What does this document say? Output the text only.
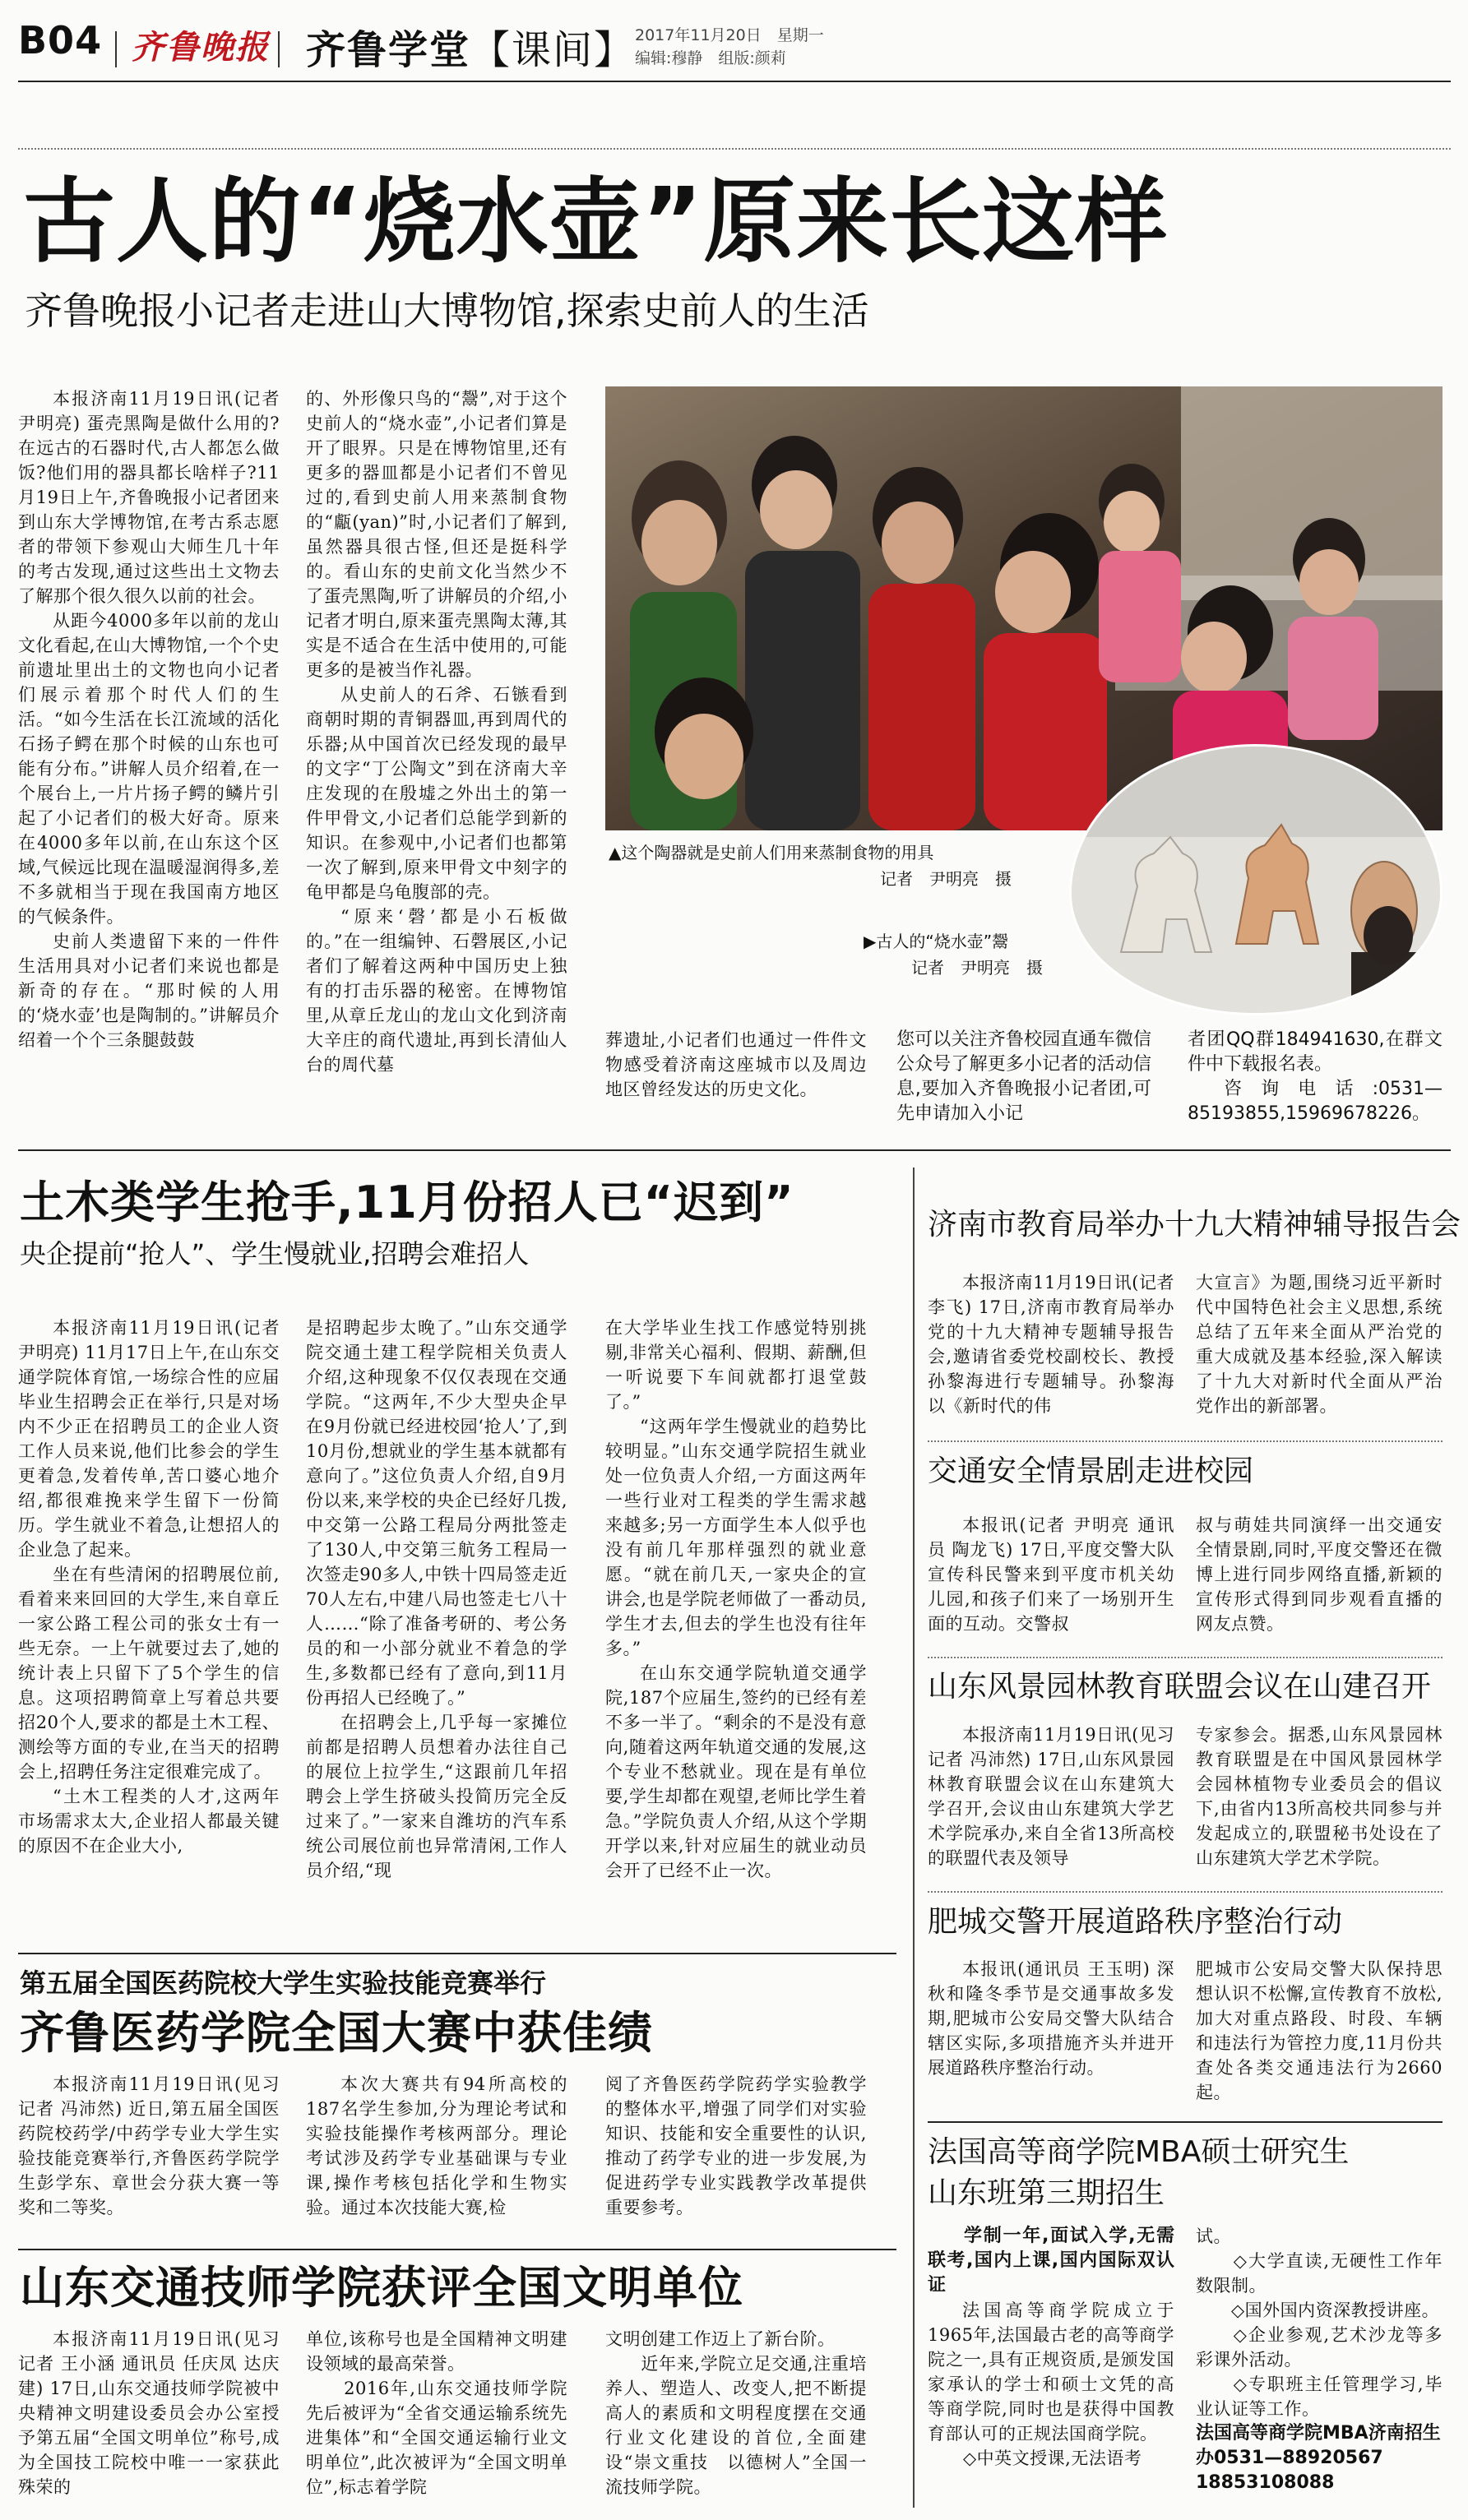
B04 齐鲁晚报 齐鲁学堂【课间】 2017年11月20日　星期一
编辑:穆静　组版:颜莉
古人的“烧水壶”原来长这样
齐鲁晚报小记者走进山大博物馆,探索史前人的生活

本报济南11月19日讯(记者 尹明亮) 蛋壳黑陶是做什么用的?在远古的石器时代,古人都怎么做饭?他们用的器具都长啥样子?11月19日上午,齐鲁晚报小记者团来到山东大学博物馆,在考古系志愿者的带领下参观山大师生几十年的考古发现,通过这些出土文物去了解那个很久很久以前的社会。

从距今4000多年以前的龙山文化看起,在山大博物馆,一个个史前遗址里出土的文物也向小记者们展示着那个时代人们的生活。“如今生活在长江流域的活化石扬子鳄在那个时候的山东也可能有分布。”讲解人员介绍着,在一个展台上,一片片扬子鳄的鳞片引起了小记者们的极大好奇。原来在4000多年以前,在山东这个区域,气候远比现在温暖湿润得多,差不多就相当于现在我国南方地区的气候条件。

史前人类遗留下来的一件件生活用具对小记者们来说也都是新奇的存在。“那时候的人用的‘烧水壶’也是陶制的。”讲解员介绍着一个个三条腿鼓鼓

的、外形像只鸟的“鬶”,对于这个史前人的“烧水壶”,小记者们算是开了眼界。只是在博物馆里,还有更多的器皿都是小记者们不曾见过的,看到史前人用来蒸制食物的“甗(yan)”时,小记者们了解到,虽然器具很古怪,但还是挺科学的。看山东的史前文化当然少不了蛋壳黑陶,听了讲解员的介绍,小记者才明白,原来蛋壳黑陶太薄,其实是不适合在生活中使用的,可能更多的是被当作礼器。

从史前人的石斧、石镞看到商朝时期的青铜器皿,再到周代的乐器;从中国首次已经发现的最早的文字“丁公陶文”到在济南大辛庄发现的在殷墟之外出土的第一件甲骨文,小记者们总能学到新的知识。在参观中,小记者们也都第一次了解到,原来甲骨文中刻字的龟甲都是乌龟腹部的壳。

“原来‘磬’都是小石板做的。”在一组编钟、石磬展区,小记者们了解着这两种中国历史上独有的打击乐器的秘密。在博物馆里,从章丘龙山的龙山文化到济南大辛庄的商代遗址,再到长清仙人台的周代墓

▲这个陶器就是史前人们用来蒸制食物的用具
记者　尹明亮　摄
▶古人的“烧水壶”鬶
记者　尹明亮　摄

葬遗址,小记者们也通过一件件文物感受着济南这座城市以及周边地区曾经发达的历史文化。

您可以关注齐鲁校园直通车微信公众号了解更多小记者的活动信息,要加入齐鲁晚报小记者团,可先申请加入小记
者团QQ群184941630,在群文件中下载报名表。
咨询电话:0531—85193855,15969678226。
土木类学生抢手,11月份招人已“迟到”
央企提前“抢人”、学生慢就业,招聘会难招人

本报济南11月19日讯(记者 尹明亮) 11月17日上午,在山东交通学院体育馆,一场综合性的应届毕业生招聘会正在举行,只是对场内不少正在招聘员工的企业人资工作人员来说,他们比参会的学生更着急,发着传单,苦口婆心地介绍,都很难挽来学生留下一份简历。学生就业不着急,让想招人的企业急了起来。

坐在有些清闲的招聘展位前,看着来来回回的大学生,来自章丘一家公路工程公司的张女士有一些无奈。一上午就要过去了,她的统计表上只留下了5个学生的信息。这项招聘简章上写着总共要招20个人,要求的都是土木工程、测绘等方面的专业,在当天的招聘会上,招聘任务注定很难完成了。

“土木工程类的人才,这两年市场需求太大,企业招人都最关键的原因不在企业大小,

是招聘起步太晚了。”山东交通学院交通土建工程学院相关负责人介绍,这种现象不仅仅表现在交通学院。“这两年,不少大型央企早在9月份就已经进校园‘抢人’了,到10月份,想就业的学生基本就都有意向了。”这位负责人介绍,自9月份以来,来学校的央企已经好几拨,中交第一公路工程局分两批签走了130人,中交第三航务工程局一次签走90多人,中铁十四局签走近70人左右,中建八局也签走七八十人……“除了准备考研的、考公务员的和一小部分就业不着急的学生,多数都已经有了意向,到11月份再招人已经晚了。”

在招聘会上,几乎每一家摊位前都是招聘人员想着办法往自己的展位上拉学生,“这跟前几年招聘会上学生挤破头投简历完全反过来了。”一家来自潍坊的汽车系统公司展位前也异常清闲,工作人员介绍,“现

在大学毕业生找工作感觉特别挑剔,非常关心福利、假期、薪酬,但一听说要下车间就都打退堂鼓了。”

“这两年学生慢就业的趋势比较明显。”山东交通学院招生就业处一位负责人介绍,一方面这两年一些行业对工程类的学生需求越来越多;另一方面学生本人似乎也没有前几年那样强烈的就业意愿。“就在前几天,一家央企的宣讲会,也是学院老师做了一番动员,学生才去,但去的学生也没有往年多。”

在山东交通学院轨道交通学院,187个应届生,签约的已经有差不多一半了。“剩余的不是没有意向,随着这两年轨道交通的发展,这个专业不愁就业。现在是有单位要,学生却都在观望,老师比学生着急。”学院负责人介绍,从这个学期开学以来,针对应届生的就业动员会开了已经不止一次。

第五届全国医药院校大学生实验技能竞赛举行
齐鲁医药学院全国大赛中获佳绩

本报济南11月19日讯(见习记者 冯沛然) 近日,第五届全国医药院校药学/中药学专业大学生实验技能竞赛举行,齐鲁医药学院学生彭学东、章世会分获大赛一等奖和二等奖。

本次大赛共有94所高校的187名学生参加,分为理论考试和实验技能操作考核两部分。理论考试涉及药学专业基础课与专业课,操作考核包括化学和生物实验。通过本次技能大赛,检

阅了齐鲁医药学院药学实验教学的整体水平,增强了同学们对实验知识、技能和安全重要性的认识,推动了药学专业的进一步发展,为促进药学专业实践教学改革提供重要参考。

山东交通技师学院获评全国文明单位

本报济南11月19日讯(见习记者 王小涵 通讯员 任庆凤 达庆建) 17日,山东交通技师学院被中央精神文明建设委员会办公室授予第五届“全国文明单位”称号,成为全国技工院校中唯一一家获此殊荣的

单位,该称号也是全国精神文明建设领域的最高荣誉。
　　2016年,山东交通技师学院先后被评为“全省交通运输系统先进集体”和“全国交通运输行业文明单位”,此次被评为“全国文明单位”,标志着学院

文明创建工作迈上了新台阶。
　　近年来,学院立足交通,注重培养人、塑造人、改变人,把不断提高人的素质和文明程度摆在交通行业文化建设的首位,全面建设“崇文重技　以德树人”全国一流技师学院。

济南市教育局举办十九大精神辅导报告会

本报济南11月19日讯(记者 李飞) 17日,济南市教育局举办党的十九大精神专题辅导报告会,邀请省委党校副校长、教授孙黎海进行专题辅导。孙黎海以《新时代的伟

大宣言》为题,围绕习近平新时代中国特色社会主义思想,系统总结了五年来全面从严治党的重大成就及基本经验,深入解读了十九大对新时代全面从严治党作出的新部署。

交通安全情景剧走进校园

本报讯(记者 尹明亮 通讯员 陶龙飞) 17日,平度交警大队宣传科民警来到平度市机关幼儿园,和孩子们来了一场别开生面的互动。交警叔

叔与萌娃共同演绎一出交通安全情景剧,同时,平度交警还在微博上进行同步网络直播,新颖的宣传形式得到同步观看直播的网友点赞。

山东风景园林教育联盟会议在山建召开

本报济南11月19日讯(见习记者 冯沛然) 17日,山东风景园林教育联盟会议在山东建筑大学召开,会议由山东建筑大学艺术学院承办,来自全省13所高校的联盟代表及领导

专家参会。据悉,山东风景园林教育联盟是在中国风景园林学会园林植物专业委员会的倡议下,由省内13所高校共同参与并发起成立的,联盟秘书处设在了山东建筑大学艺术学院。

肥城交警开展道路秩序整治行动

本报讯(通讯员 王玉明) 深秋和隆冬季节是交通事故多发期,肥城市公安局交警大队结合辖区实际,多项措施齐头并进开展道路秩序整治行动。

肥城市公安局交警大队保持思想认识不松懈,宣传教育不放松,加大对重点路段、时段、车辆和违法行为管控力度,11月份共查处各类交通违法行为2660起。

法国高等商学院MBA硕士研究生
山东班第三期招生
学制一年,面试入学,无需联考,国内上课,国内国际双认证
法国高等商学院成立于1965年,法国最古老的高等商学院之一,具有正规资质,是颁发国家承认的学士和硕士文凭的高等商学院,同时也是获得中国教育部认可的正规法国商学院。
　　◇中英文授课,无法语考
试。
　　◇大学直读,无硬性工作年数限制。
　　◇国外国内资深教授讲座。
　　◇企业参观,艺术沙龙等多彩课外活动。
　　◇专职班主任管理学习,毕业认证等工作。
法国高等商学院MBA济南招生办0531—88920567 18853108088
